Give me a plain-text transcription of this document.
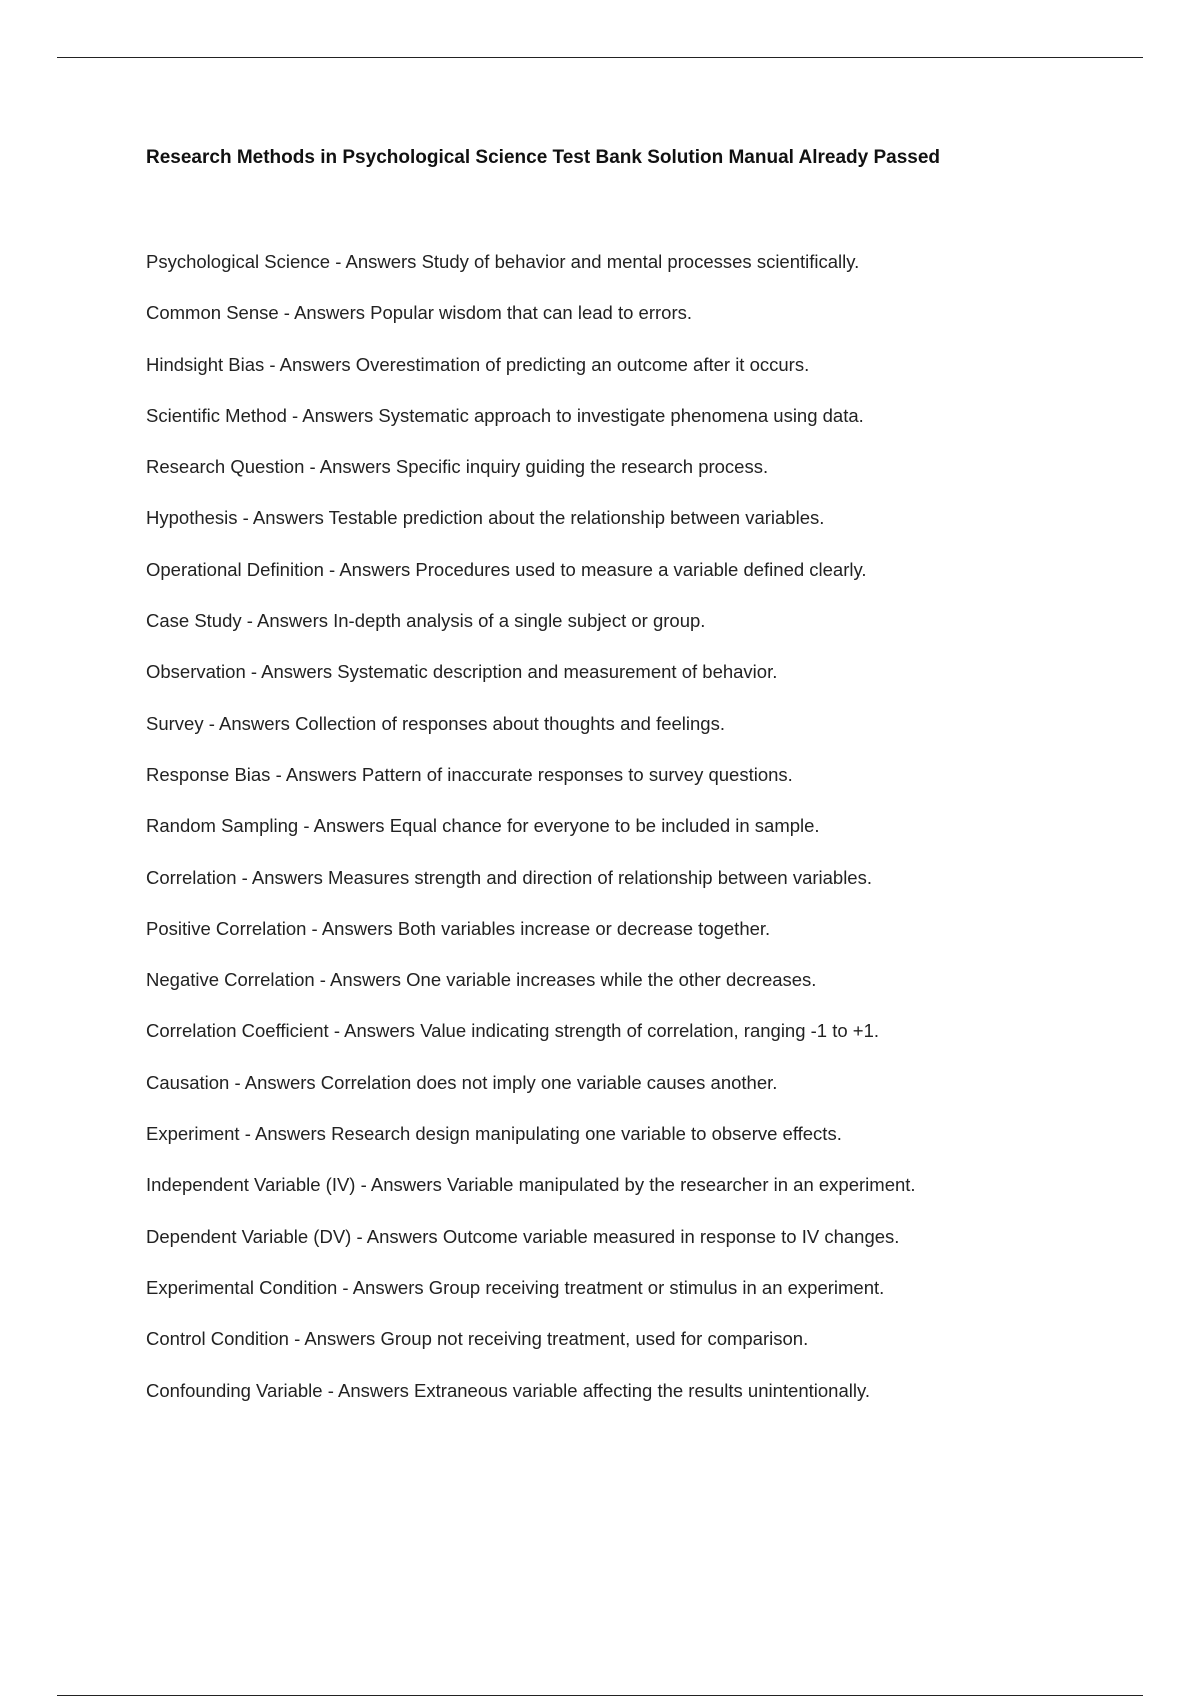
Research Methods in Psychological Science Test Bank Solution Manual Already Passed
Psychological Science - Answers Study of behavior and mental processes scientifically.
Common Sense - Answers Popular wisdom that can lead to errors.
Hindsight Bias - Answers Overestimation of predicting an outcome after it occurs.
Scientific Method - Answers Systematic approach to investigate phenomena using data.
Research Question - Answers Specific inquiry guiding the research process.
Hypothesis - Answers Testable prediction about the relationship between variables.
Operational Definition - Answers Procedures used to measure a variable defined clearly.
Case Study - Answers In-depth analysis of a single subject or group.
Observation - Answers Systematic description and measurement of behavior.
Survey - Answers Collection of responses about thoughts and feelings.
Response Bias - Answers Pattern of inaccurate responses to survey questions.
Random Sampling - Answers Equal chance for everyone to be included in sample.
Correlation - Answers Measures strength and direction of relationship between variables.
Positive Correlation - Answers Both variables increase or decrease together.
Negative Correlation - Answers One variable increases while the other decreases.
Correlation Coefficient - Answers Value indicating strength of correlation, ranging -1 to +1.
Causation - Answers Correlation does not imply one variable causes another.
Experiment - Answers Research design manipulating one variable to observe effects.
Independent Variable (IV) - Answers Variable manipulated by the researcher in an experiment.
Dependent Variable (DV) - Answers Outcome variable measured in response to IV changes.
Experimental Condition - Answers Group receiving treatment or stimulus in an experiment.
Control Condition - Answers Group not receiving treatment, used for comparison.
Confounding Variable - Answers Extraneous variable affecting the results unintentionally.
